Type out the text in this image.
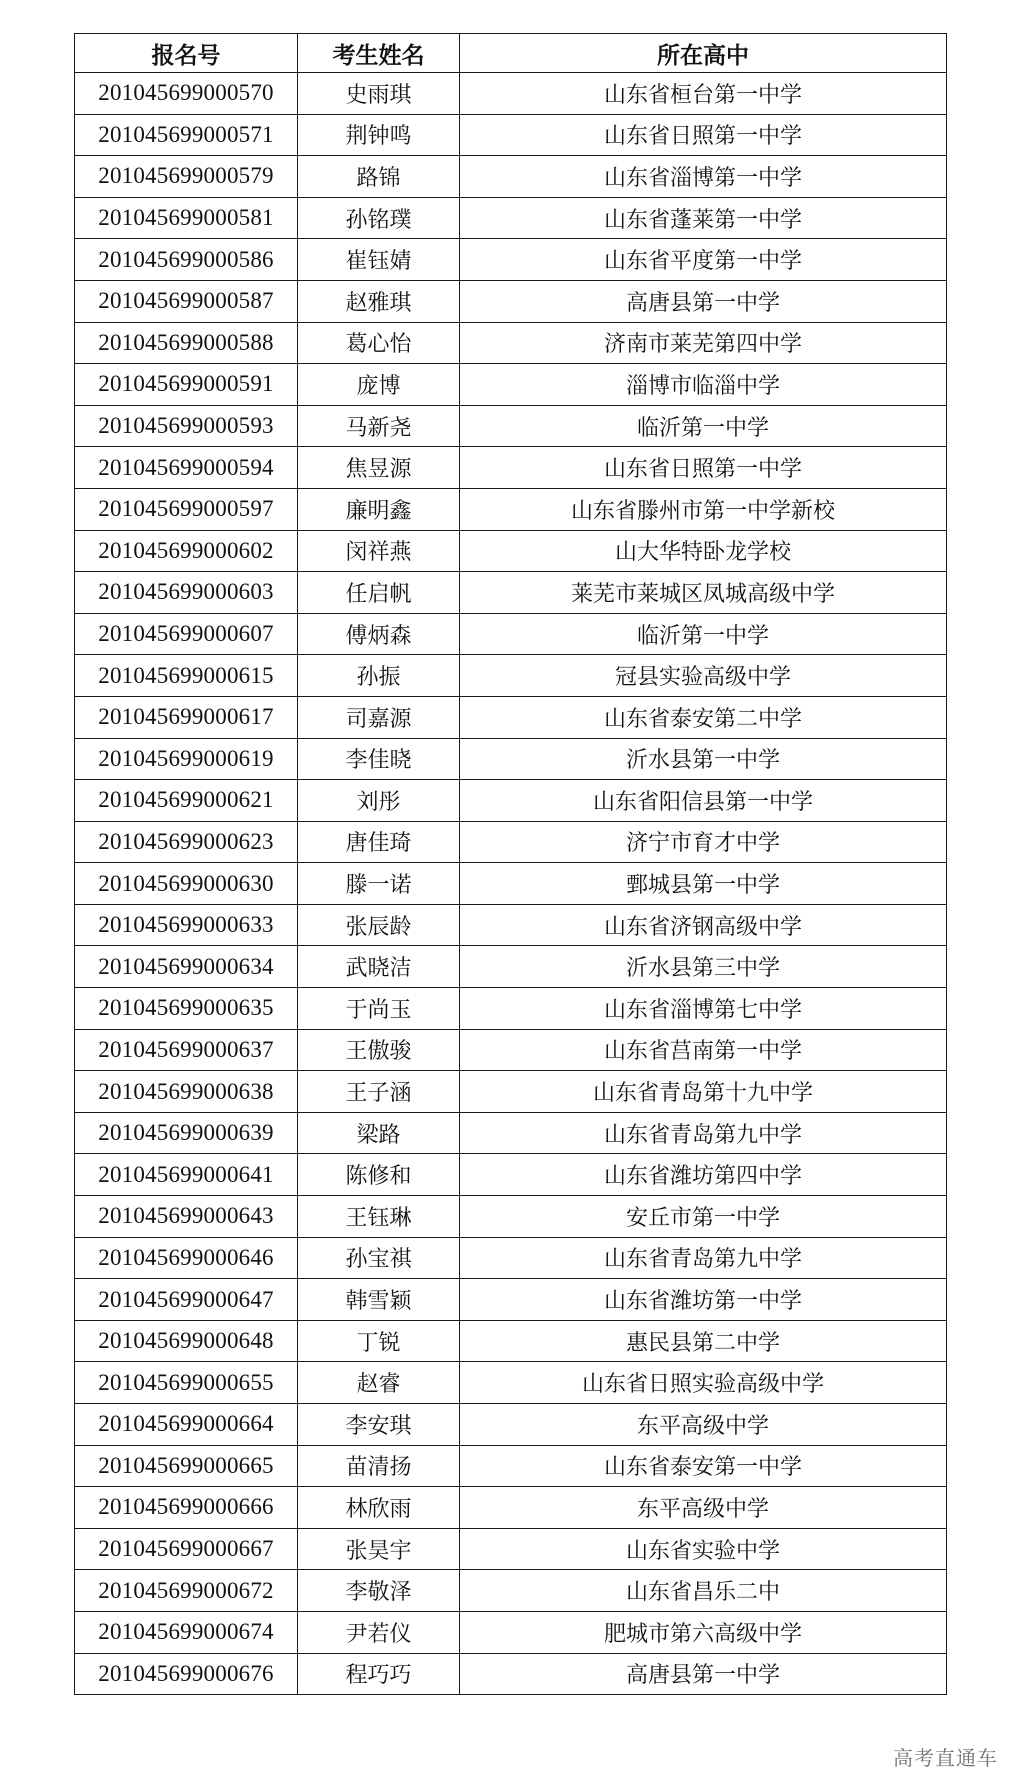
报名号	考生姓名	所在高中
201045699000570	史雨琪	山东省桓台第一中学
201045699000571	荆钟鸣	山东省日照第一中学
201045699000579	路锦	山东省淄博第一中学
201045699000581	孙铭璞	山东省蓬莱第一中学
201045699000586	崔钰婧	山东省平度第一中学
201045699000587	赵雅琪	高唐县第一中学
201045699000588	葛心怡	济南市莱芜第四中学
201045699000591	庞博	淄博市临淄中学
201045699000593	马新尧	临沂第一中学
201045699000594	焦昱源	山东省日照第一中学
201045699000597	廉明鑫	山东省滕州市第一中学新校
201045699000602	闵祥燕	山大华特卧龙学校
201045699000603	任启帆	莱芜市莱城区凤城高级中学
201045699000607	傅炳森	临沂第一中学
201045699000615	孙振	冠县实验高级中学
201045699000617	司嘉源	山东省泰安第二中学
201045699000619	李佳晓	沂水县第一中学
201045699000621	刘彤	山东省阳信县第一中学
201045699000623	唐佳琦	济宁市育才中学
201045699000630	滕一诺	鄄城县第一中学
201045699000633	张辰龄	山东省济钢高级中学
201045699000634	武晓洁	沂水县第三中学
201045699000635	于尚玉	山东省淄博第七中学
201045699000637	王傲骏	山东省莒南第一中学
201045699000638	王子涵	山东省青岛第十九中学
201045699000639	梁路	山东省青岛第九中学
201045699000641	陈修和	山东省潍坊第四中学
201045699000643	王钰琳	安丘市第一中学
201045699000646	孙宝祺	山东省青岛第九中学
201045699000647	韩雪颖	山东省潍坊第一中学
201045699000648	丁锐	惠民县第二中学
201045699000655	赵睿	山东省日照实验高级中学
201045699000664	李安琪	东平高级中学
201045699000665	苗清扬	山东省泰安第一中学
201045699000666	林欣雨	东平高级中学
201045699000667	张昊宇	山东省实验中学
201045699000672	李敬泽	山东省昌乐二中
201045699000674	尹若仪	肥城市第六高级中学
201045699000676	程巧巧	高唐县第一中学
高考直通车
